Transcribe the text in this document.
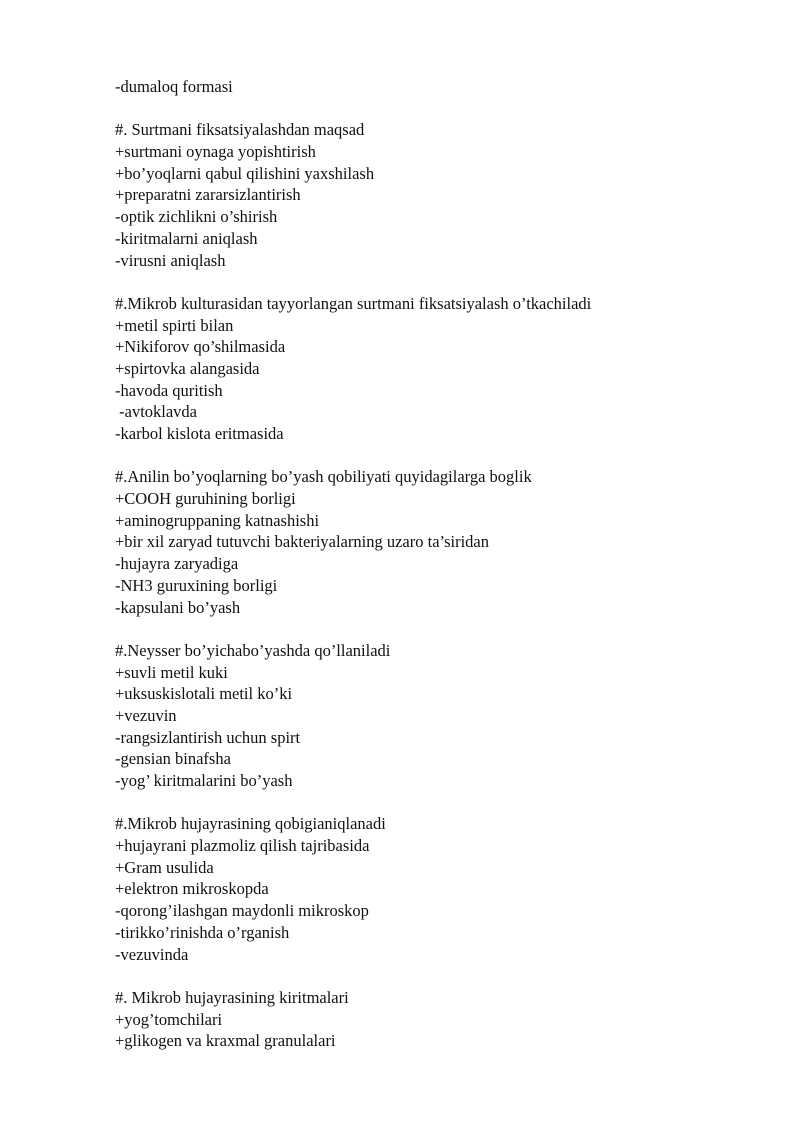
-dumaloq formasi
#. Surtmani fiksatsiyalashdan maqsad
+surtmani oynaga yopishtirish
+bo’yoqlarni qabul qilishini yaxshilash
+preparatni zararsizlantirish
-optik zichlikni o’shirish
-kiritmalarni aniqlash
-virusni aniqlash
#.Mikrob kulturasidan tayyorlangan surtmani fiksatsiyalash o’tkachiladi
+metil spirti bilan
+Nikiforov qo’shilmasida
+spirtovka alangasida
-havoda quritish
-avtoklavda
-karbol kislota eritmasida
#.Anilin bo’yoqlarning bo’yash qobiliyati quyidagilarga boglik
+COOH guruhining borligi
+aminogruppaning katnashishi
+bir xil zaryad tutuvchi bakteriyalarning uzaro ta’siridan
-hujayra zaryadiga
-NH3 guruxining borligi
-kapsulani bo’yash
#.Neysser bo’yichabo’yashda qo’llaniladi
+suvli metil kuki
+uksuskislotali metil ko’ki
+vezuvin
-rangsizlantirish uchun spirt
-gensian binafsha
-yog’ kiritmalarini bo’yash
#.Mikrob hujayrasining qobigianiqlanadi
+hujayrani plazmoliz qilish tajribasida
+Gram usulida
+elektron mikroskopda
-qorong’ilashgan maydonli mikroskop
-tirikko’rinishda o’rganish
-vezuvinda
#. Mikrob hujayrasining kiritmalari
+yog’tomchilari
+glikogen va kraxmal granulalari
